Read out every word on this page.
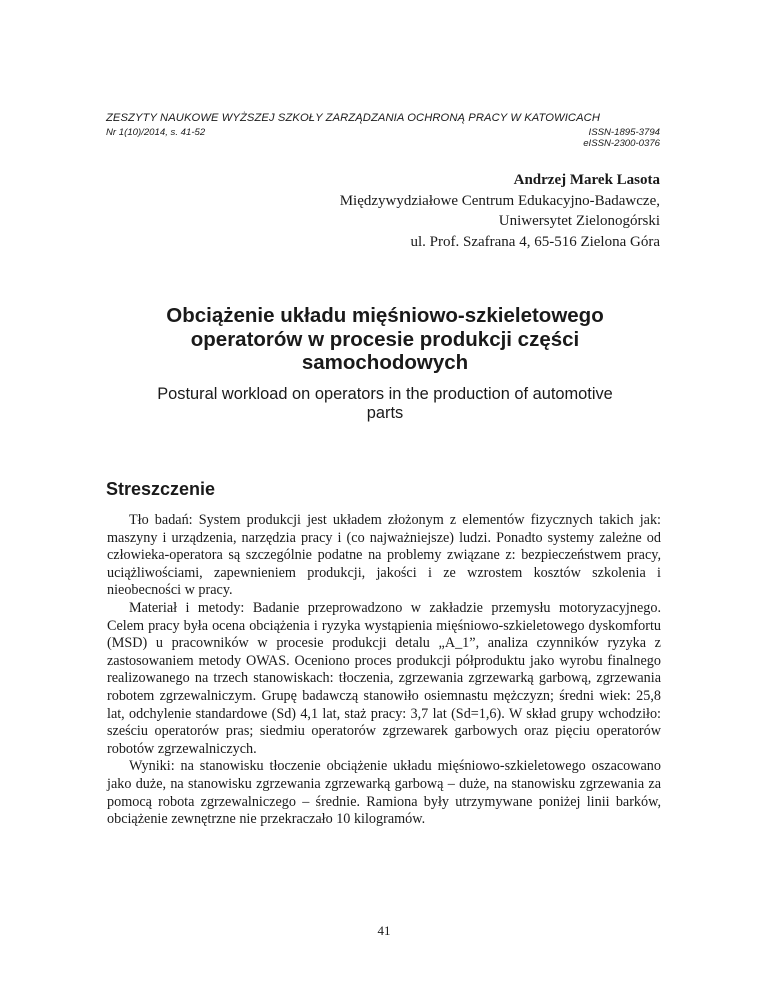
ZESZYTY NAUKOWE WYŻSZEJ SZKOŁY ZARZĄDZANIA OCHRONĄ PRACY W KATOWICACH
Nr 1(10)/2014, s. 41-52	ISSN-1895-3794
eISSN-2300-0376
Andrzej Marek Lasota
Międzywydziałowe Centrum Edukacyjno-Badawcze,
Uniwersytet Zielonogórski
ul. Prof. Szafrana 4, 65-516 Zielona Góra
Obciążenie układu mięśniowo-szkieletowego operatorów w procesie produkcji części samochodowych
Postural workload on operators in the production of automotive parts
Streszczenie

Tło badań: System produkcji jest układem złożonym z elementów fizycznych takich jak: maszyny i urządzenia, narzędzia pracy i (co najważniejsze) ludzi. Ponadto systemy zależne od człowieka-operatora są szczególnie podatne na problemy związane z: bezpieczeństwem pracy, uciążliwościami, zapewnieniem produkcji, jakości i ze wzrostem kosztów szkolenia i nieobecności w pracy.

Materiał i metody: Badanie przeprowadzono w zakładzie przemysłu motoryzacyjnego. Celem pracy była ocena obciążenia i ryzyka wystąpienia mięśniowo-szkieletowego dyskomfortu (MSD) u pracowników w procesie produkcji detalu „A_1”, analiza czynników ryzyka z zastosowaniem metody OWAS. Oceniono proces produkcji półproduktu jako wyrobu finalnego realizowanego na trzech stanowiskach: tłoczenia, zgrzewania zgrzewarką garbową, zgrzewania robotem zgrzewalniczym. Grupę badawczą stanowiło osiemnastu mężczyzn; średni wiek: 25,8 lat, odchylenie standardowe (Sd) 4,1 lat, staż pracy: 3,7 lat (Sd=1,6). W skład grupy wchodziło: sześciu operatorów pras; siedmiu operatorów zgrzewarek garbowych oraz pięciu operatorów robotów zgrzewalniczych.

Wyniki: na stanowisku tłoczenie obciążenie układu mięśniowo-szkieletowego oszacowano jako duże, na stanowisku zgrzewania zgrzewarką garbową – duże, na stanowisku zgrzewania za pomocą robota zgrzewalniczego – średnie. Ramiona były utrzymywane poniżej linii barków, obciążenie zewnętrzne nie przekraczało 10 kilogramów.

41
